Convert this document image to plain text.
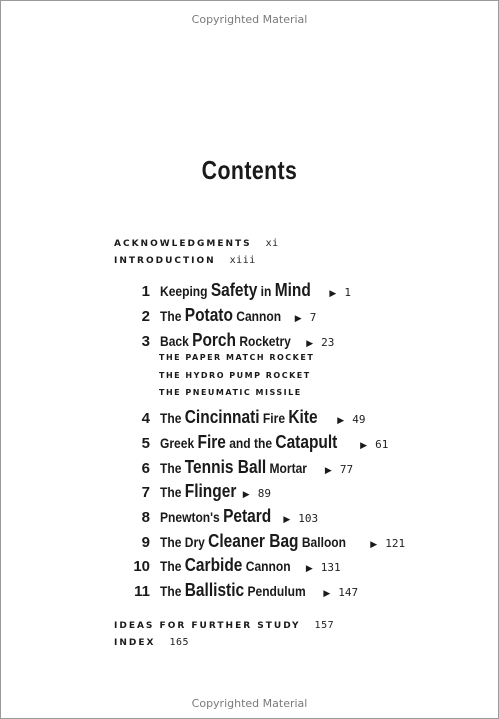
Copyrighted Material
Contents
ACKNOWLEDGMENTS xi
INTRODUCTION xiii
1 Keeping Safety in Mind ▶ 1
2 The Potato Cannon ▶ 7
3 Back Porch Rocketry ▶ 23
THE PAPER MATCH ROCKET
THE HYDRO PUMP ROCKET
THE PNEUMATIC MISSILE
4 The Cincinnati Fire Kite ▶ 49
5 Greek Fire and the Catapult	▶ 61
6 The Tennis Ball Mortar ▶ 77
7 The Flinger ▶ 89
8 Pnewton's Petard ▶ 103
9 The Dry Cleaner Bag Balloon	▶ 121
10 The Carbide Cannon ▶ 131
11 The Ballistic Pendulum ▶ 147
IDEAS FOR FURTHER STUDY 157
INDEX 165
Copyrighted Material
